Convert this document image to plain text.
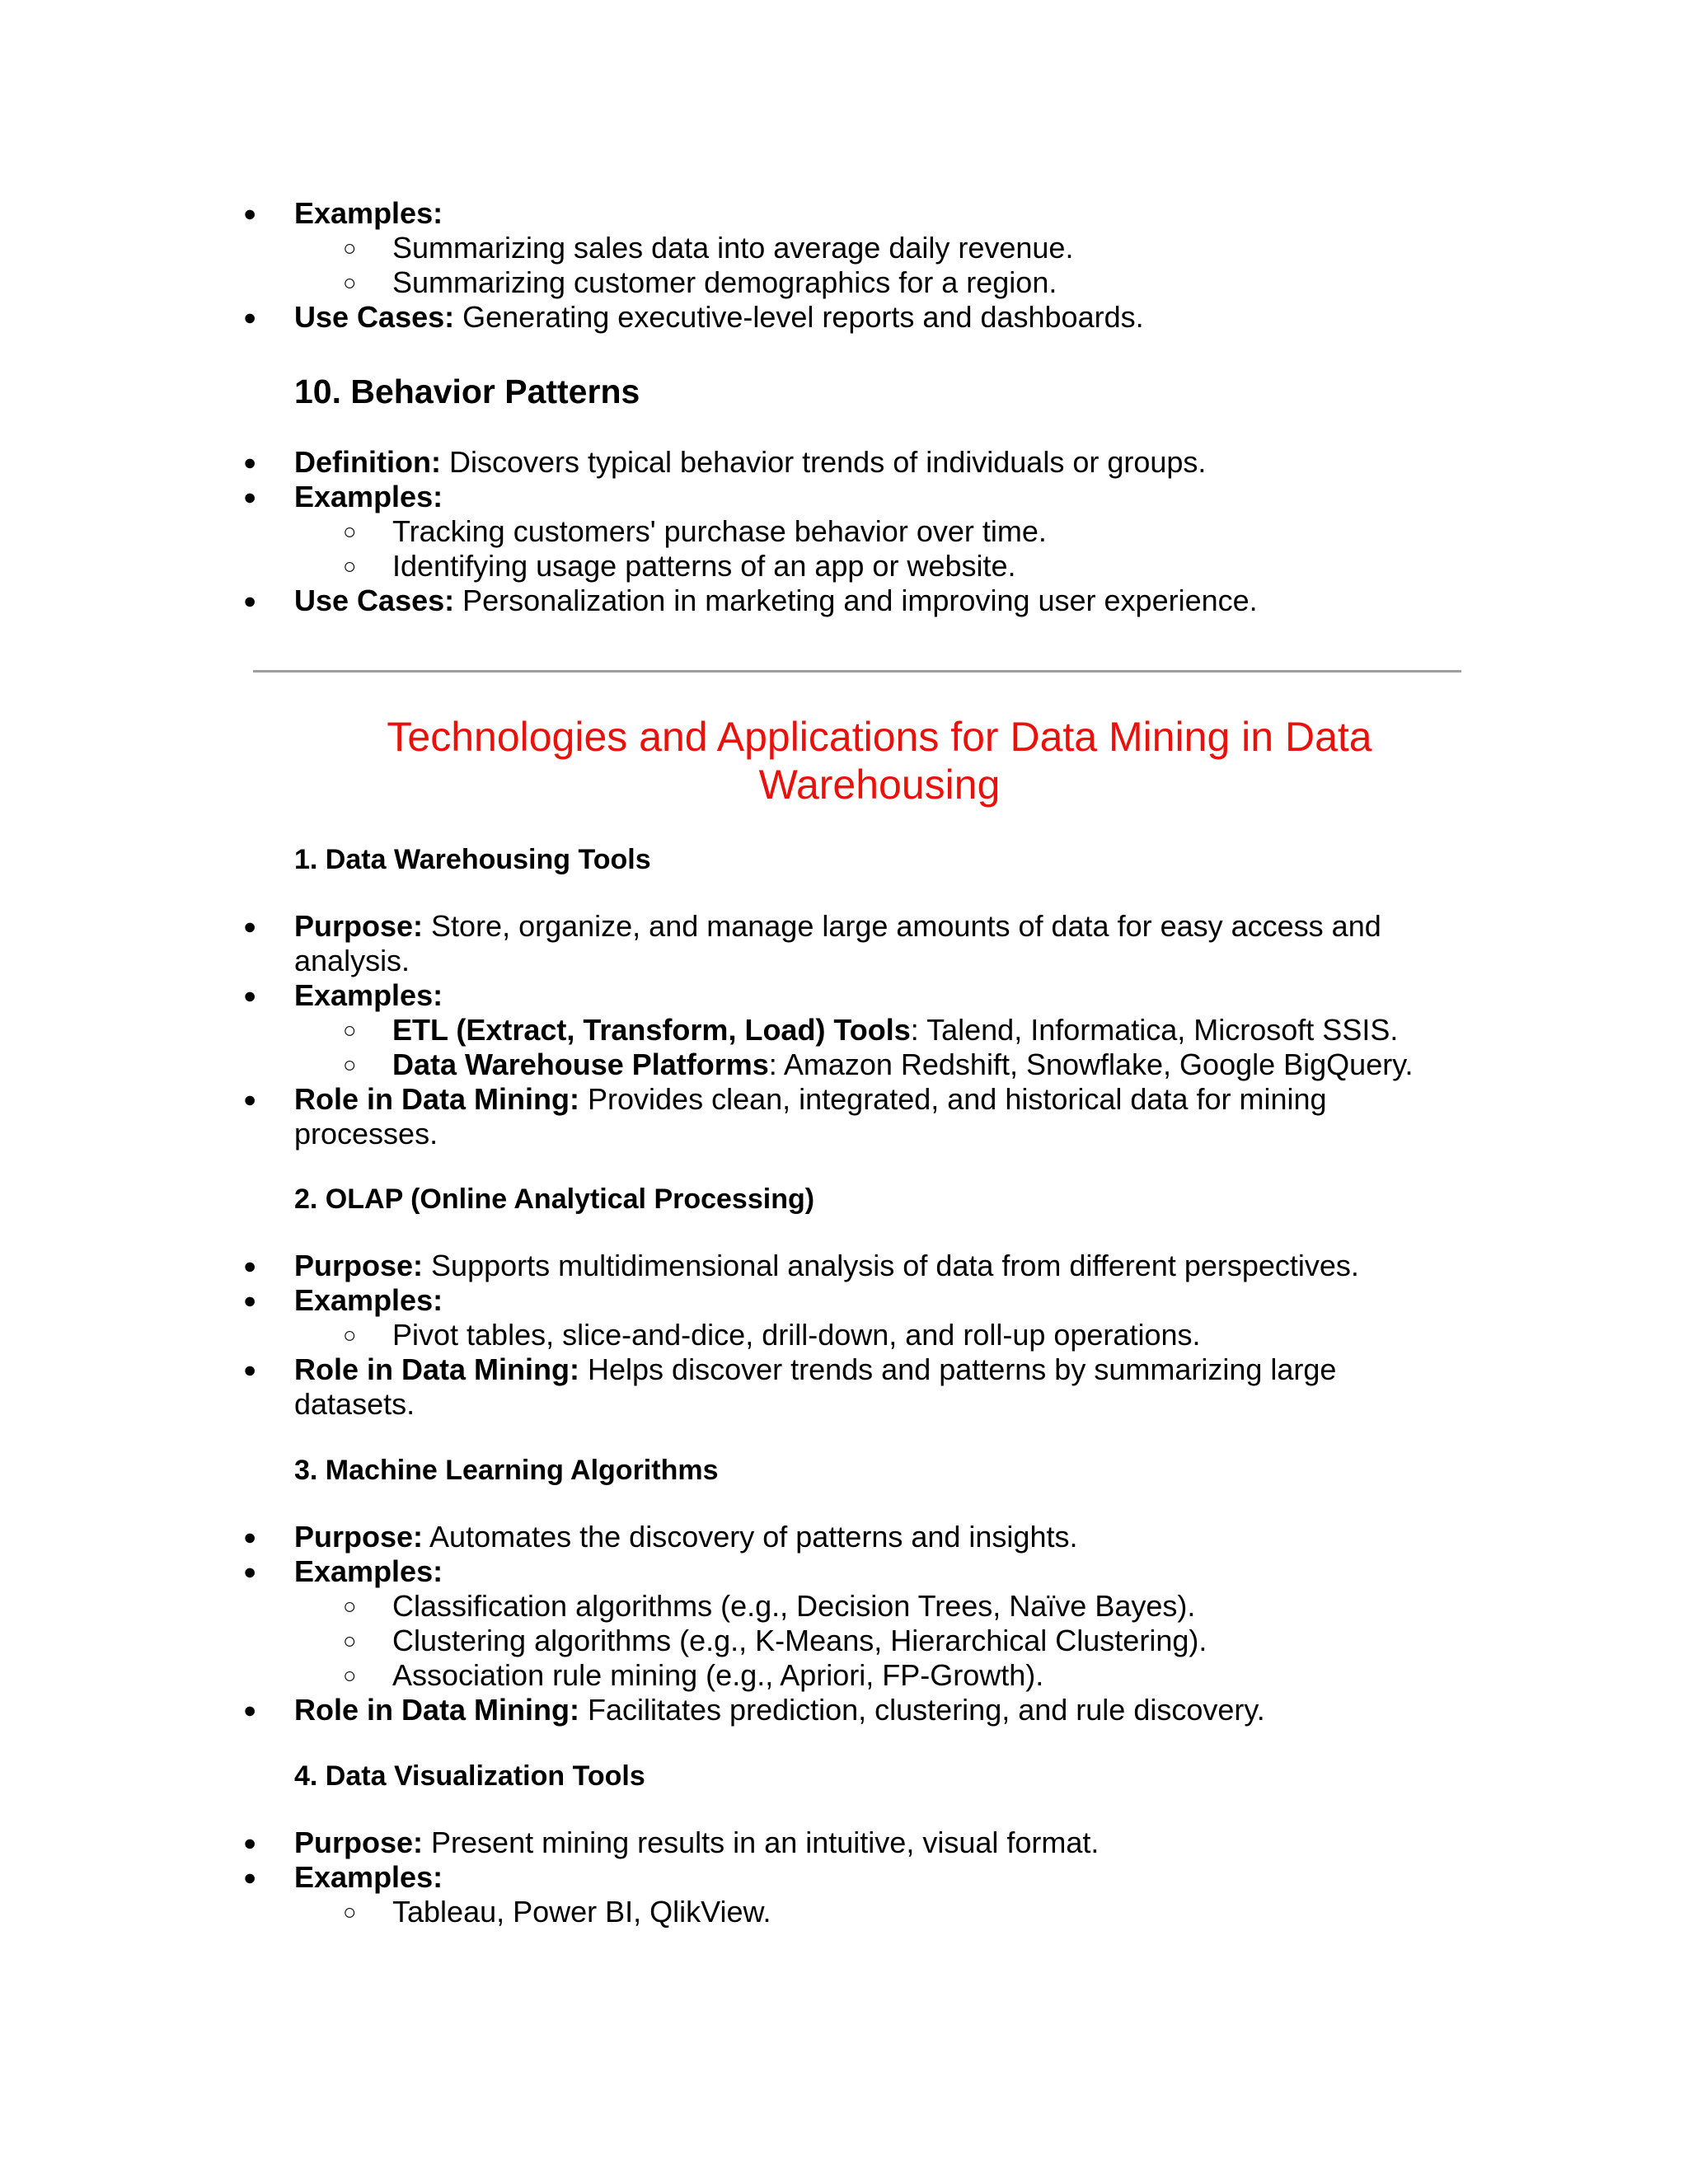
● Examples:
○ Summarizing sales data into average daily revenue.
○ Summarizing customer demographics for a region.
● Use Cases: Generating executive-level reports and dashboards.
10. Behavior Patterns
● Definition: Discovers typical behavior trends of individuals or groups.
● Examples:
○ Tracking customers' purchase behavior over time.
○ Identifying usage patterns of an app or website.
● Use Cases: Personalization in marketing and improving user experience.
Technologies and Applications for Data Mining in Data
Warehousing
1. Data Warehousing Tools
● Purpose: Store, organize, and manage large amounts of data for easy access and
analysis.
● Examples:
○ ETL (Extract, Transform, Load) Tools: Talend, Informatica, Microsoft SSIS.
○ Data Warehouse Platforms: Amazon Redshift, Snowflake, Google BigQuery.
● Role in Data Mining: Provides clean, integrated, and historical data for mining
processes.
2. OLAP (Online Analytical Processing)
● Purpose: Supports multidimensional analysis of data from different perspectives.
● Examples:
○ Pivot tables, slice-and-dice, drill-down, and roll-up operations.
● Role in Data Mining: Helps discover trends and patterns by summarizing large
datasets.
3. Machine Learning Algorithms
● Purpose: Automates the discovery of patterns and insights.
● Examples:
○ Classification algorithms (e.g., Decision Trees, Naïve Bayes).
○ Clustering algorithms (e.g., K-Means, Hierarchical Clustering).
○ Association rule mining (e.g., Apriori, FP-Growth).
● Role in Data Mining: Facilitates prediction, clustering, and rule discovery.
4. Data Visualization Tools
● Purpose: Present mining results in an intuitive, visual format.
● Examples:
○ Tableau, Power BI, QlikView.
